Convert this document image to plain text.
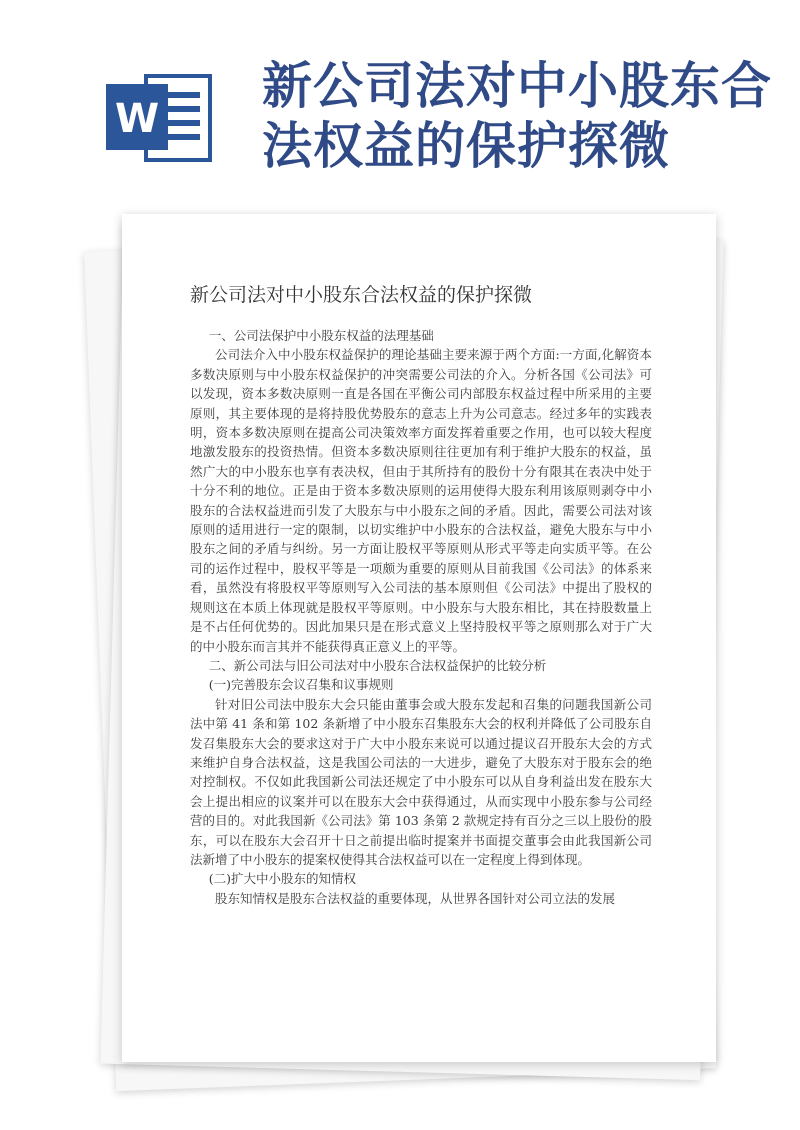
W
新公司法对中小股东合法权益的保护探微
新公司法对中小股东合法权益的保护探微

一、公司法保护中小股东权益的法理基础

公司法介入中小股东权益保护的理论基础主要来源于两个方面:一方面,化解资本多数决原则与中小股东权益保护的冲突需要公司法的介入。分析各国《公司法》可以发现，资本多数决原则一直是各国在平衡公司内部股东权益过程中所采用的主要原则，其主要体现的是将持股优势股东的意志上升为公司意志。经过多年的实践表明，资本多数决原则在提高公司决策效率方面发挥着重要之作用，也可以较大程度地激发股东的投资热情。但资本多数决原则往往更加有利于维护大股东的权益，虽然广大的中小股东也享有表决权，但由于其所持有的股份十分有限其在表决中处于十分不利的地位。正是由于资本多数决原则的运用使得大股东利用该原则剥夺中小股东的合法权益进而引发了大股东与中小股东之间的矛盾。因此，需要公司法对该原则的适用进行一定的限制，以切实维护中小股东的合法权益，避免大股东与中小股东之间的矛盾与纠纷。另一方面让股权平等原则从形式平等走向实质平等。在公司的运作过程中，股权平等是一项颇为重要的原则从目前我国《公司法》的体系来看，虽然没有将股权平等原则写入公司法的基本原则但《公司法》中提出了股权的规则这在本质上体现就是股权平等原则。中小股东与大股东相比，其在持股数量上是不占任何优势的。因此加果只是在形式意义上坚持股权平等之原则那么对于广大的中小股东而言其并不能获得真正意义上的平等。

二、新公司法与旧公司法对中小股东合法权益保护的比较分析

(一)完善股东会议召集和议事规则

针对旧公司法中股东大会只能由董事会或大股东发起和召集的问题我国新公司法中第 41 条和第 102 条新增了中小股东召集股东大会的权利并降低了公司股东自发召集股东大会的要求这对于广大中小股东来说可以通过提议召开股东大会的方式来维护自身合法权益，这是我国公司法的一大进步，避免了大股东对于股东会的绝对控制权。不仅如此我国新公司法还规定了中小股东可以从自身利益出发在股东大会上提出相应的议案并可以在股东大会中获得通过，从而实现中小股东参与公司经营的目的。对此我国新《公司法》第 103 条第 2 款规定持有百分之三以上股份的股东，可以在股东大会召开十日之前提出临时提案并书面提交董事会由此我国新公司法新增了中小股东的提案权使得其合法权益可以在一定程度上得到体现。

(二)扩大中小股东的知情权

股东知情权是股东合法权益的重要体现，从世界各国针对公司立法的发展
